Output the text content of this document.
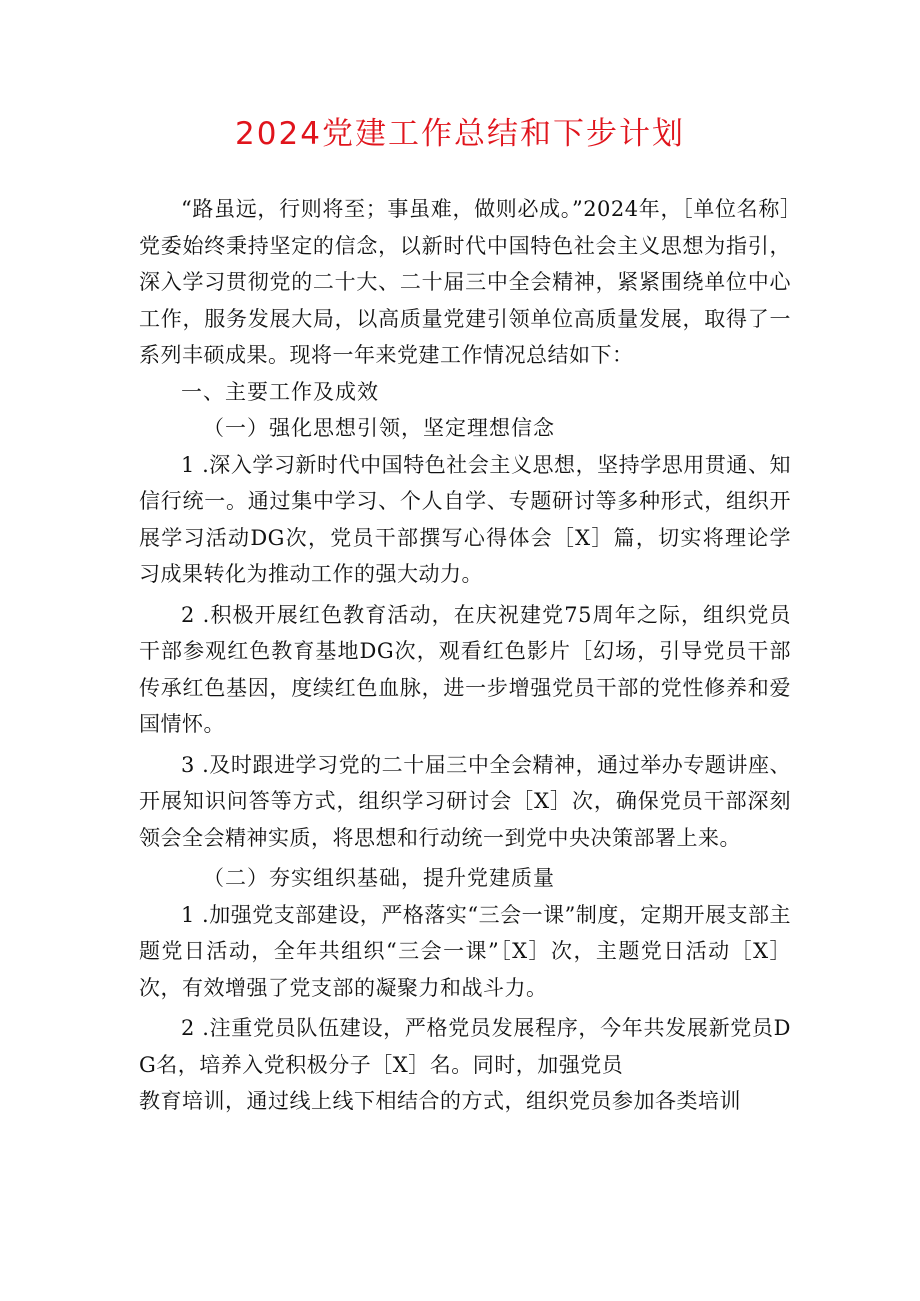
2024党建工作总结和下步计划

“路虽远，行则将至；事虽难，做则必成。”2024年，［单位名称］党委始终秉持坚定的信念，以新时代中国特色社会主义思想为指引，深入学习贯彻党的二十大、二十届三中全会精神，紧紧围绕单位中心工作，服务发展大局，以高质量党建引领单位高质量发展，取得了一系列丰硕成果。现将一年来党建工作情况总结如下：

一、主要工作及成效

（一）强化思想引领，坚定理想信念

1 .深入学习新时代中国特色社会主义思想，坚持学思用贯通、知信行统一。通过集中学习、个人自学、专题研讨等多种形式，组织开展学习活动DG次，党员干部撰写心得体会［X］篇，切实将理论学习成果转化为推动工作的强大动力。

2 .积极开展红色教育活动，在庆祝建党75周年之际，组织党员干部参观红色教育基地DG次，观看红色影片［幻场，引导党员干部传承红色基因，度续红色血脉，进一步增强党员干部的党性修养和爱国情怀。

3 .及时跟进学习党的二十届三中全会精神，通过举办专题讲座、开展知识问答等方式，组织学习研讨会［X］次，确保党员干部深刻领会全会精神实质，将思想和行动统一到党中央决策部署上来。

（二）夯实组织基础，提升党建质量

1 .加强党支部建设，严格落实“三会一课”制度，定期开展支部主题党日活动，全年共组织“三会一课”［X］次，主题党日活动［X］次，有效增强了党支部的凝聚力和战斗力。

2 .注重党员队伍建设，严格党员发展程序，今年共发展新党员DG名，培养入党积极分子［X］名。同时，加强党员

教育培训，通过线上线下相结合的方式，组织党员参加各类培训
